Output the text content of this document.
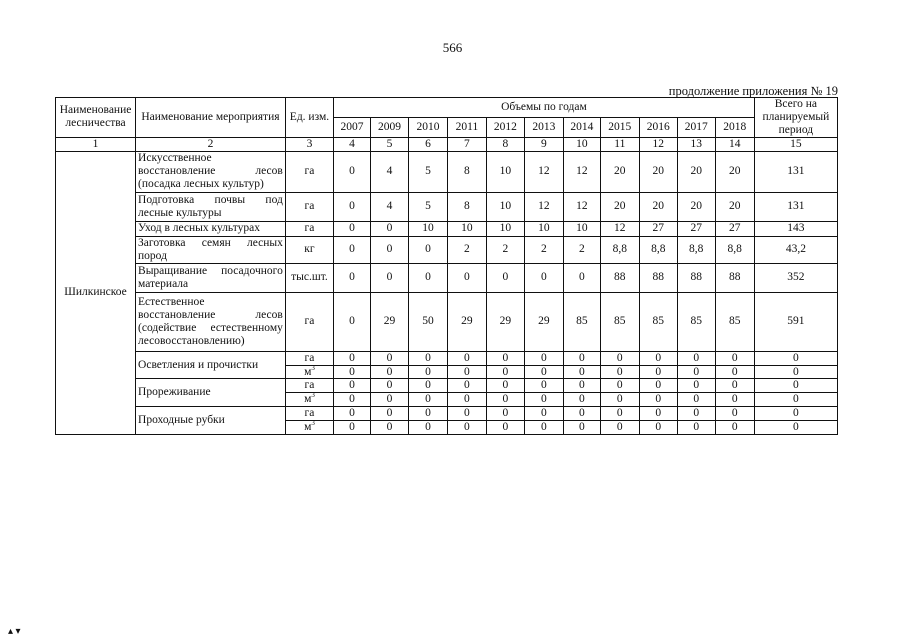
566
продолжение приложения № 19
Наименование лесничества	Наименование мероприятия	Ед. изм.	Объемы по годам											Всего на планируемый период
			2007	2009	2010	2011	2012	2013	2014	2015	2016	2017	2018	
1	2	3	4	5	6	7	8	9	10	11	12	13	14	15
Шилкинское	Искусственное восстановление лесов (посадка лесных культур)	га	0	4	5	8	10	12	12	20	20	20	20	131
	Подготовка почвы под лесные культуры	га	0	4	5	8	10	12	12	20	20	20	20	131
	Уход в лесных культурах	га	0	0	10	10	10	10	10	12	27	27	27	143
	Заготовка семян лесных пород	кг	0	0	0	2	2	2	2	8,8	8,8	8,8	8,8	43,2
	Выращивание посадочного материала	тыс.шт.	0	0	0	0	0	0	0	88	88	88	88	352
	Естественное восстановление лесов (содействие естественному лесовосстановлению)	га	0	29	50	29	29	29	85	85	85	85	85	591
	Осветления и прочистки	га	0	0	0	0	0	0	0	0	0	0	0	0
		$м^3$	0	0	0	0	0	0	0	0	0	0	0	0
	Прореживание	га	0	0	0	0	0	0	0	0	0	0	0	0
		$м^3$	0	0	0	0	0	0	0	0	0	0	0	0
	Проходные рубки	га	0	0	0	0	0	0	0	0	0	0	0	0
		$м^3$	0	0	0	0	0	0	0	0	0	0	0	0
▴ ▾
